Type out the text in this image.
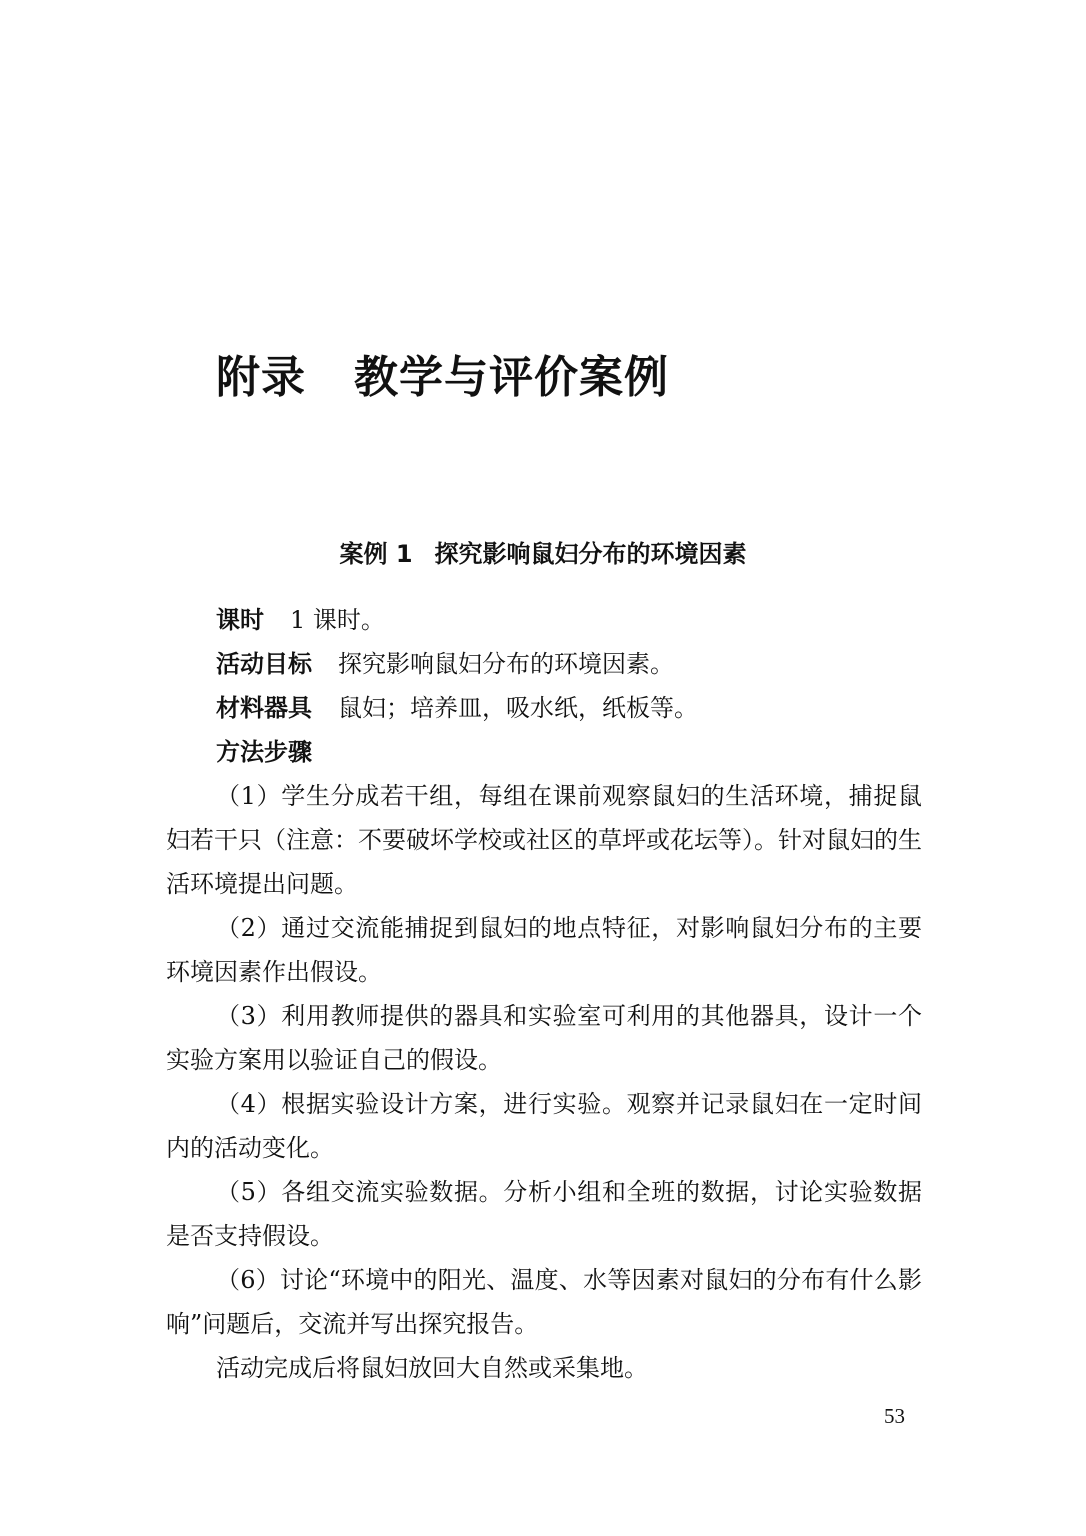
附录 教学与评价案例
案例 1 探究影响鼠妇分布的环境因素

课时 1 课时。

活动目标 探究影响鼠妇分布的环境因素。

材料器具 鼠妇；培养皿，吸水纸，纸板等。

方法步骤

（1）学生分成若干组，每组在课前观察鼠妇的生活环境，捕捉鼠妇若干只（注意：不要破坏学校或社区的草坪或花坛等）。针对鼠妇的生活环境提出问题。

（2）通过交流能捕捉到鼠妇的地点特征，对影响鼠妇分布的主要环境因素作出假设。

（3）利用教师提供的器具和实验室可利用的其他器具，设计一个实验方案用以验证自己的假设。

（4）根据实验设计方案，进行实验。观察并记录鼠妇在一定时间内的活动变化。

（5）各组交流实验数据。分析小组和全班的数据，讨论实验数据是否支持假设。

（6）讨论“环境中的阳光、温度、水等因素对鼠妇的分布有什么影响”问题后，交流并写出探究报告。

活动完成后将鼠妇放回大自然或采集地。

53
